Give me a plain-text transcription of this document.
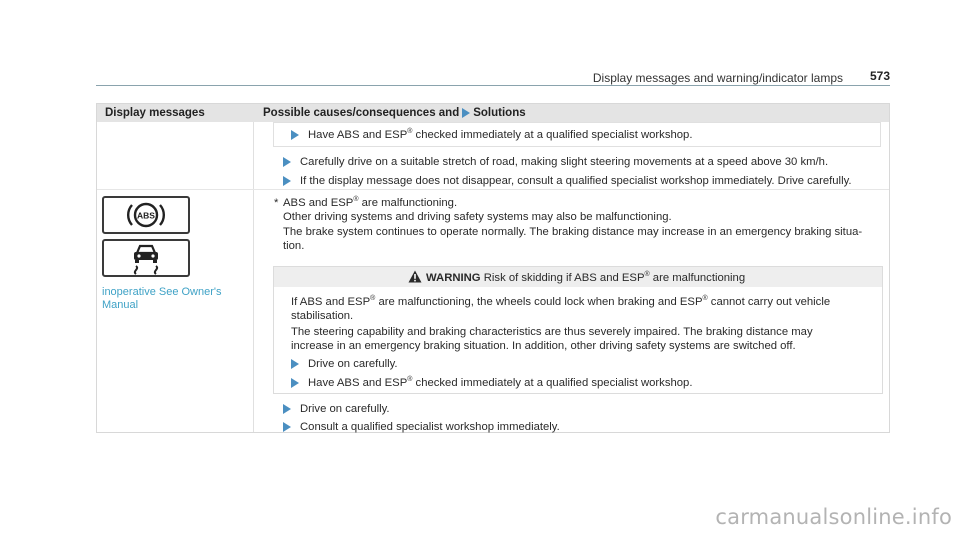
Display messages and warning/indicator lamps 573
Display messages	Possible causes/consequences and Solutions
Have ABS and ESP® checked immediately at a qualified specialist workshop.
Carefully drive on a suitable stretch of road, making slight steering movements at a speed above 30 km/h.
If the display message does not disappear, consult a qualified specialist workshop immediately. Drive carefully.
ABS
inoperative See Owner's
Manual
* ABS and ESP® are malfunctioning.
Other driving systems and driving safety systems may also be malfunctioning.
The brake system continues to operate normally. The braking distance may increase in an emergency braking situa-
tion.
WARNING Risk of skidding if ABS and ESP® are malfunctioning
If ABS and ESP® are malfunctioning, the wheels could lock when braking and ESP® cannot carry out vehicle
stabilisation.
The steering capability and braking characteristics are thus severely impaired. The braking distance may
increase in an emergency braking situation. In addition, other driving safety systems are switched off.
Drive on carefully.
Have ABS and ESP® checked immediately at a qualified specialist workshop.
Drive on carefully.
Consult a qualified specialist workshop immediately.
carmanualsonline.info
